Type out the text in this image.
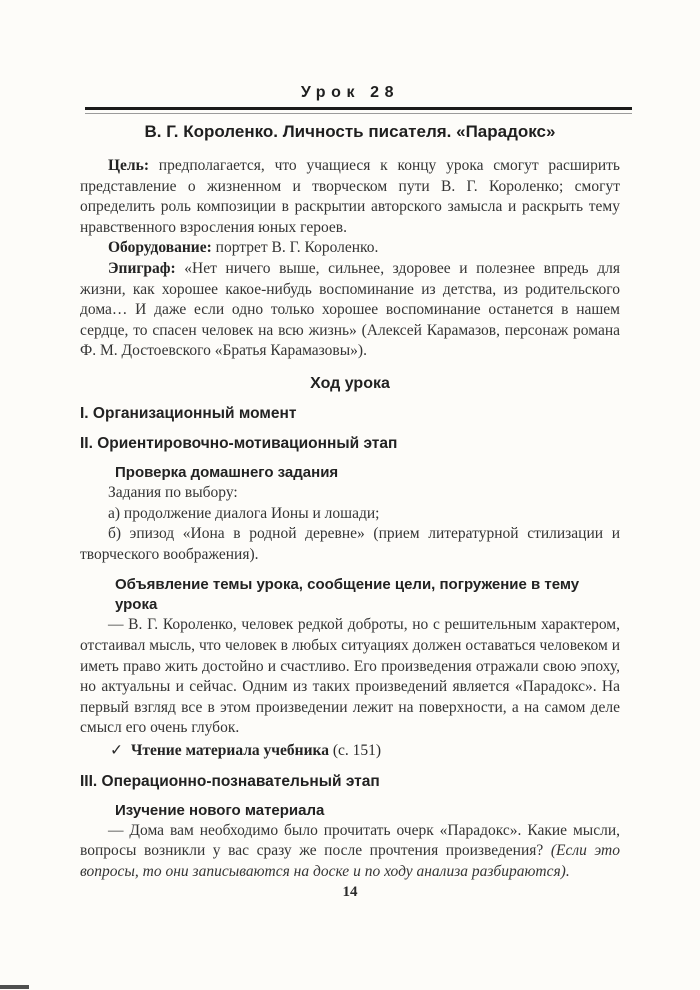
Урок 28
В. Г. Короленко. Личность писателя. «Парадокс»

Цель: предполагается, что учащиеся к концу урока смогут расширить представление о жизненном и творческом пути В. Г. Короленко; смогут определить роль композиции в раскрытии авторского замысла и раскрыть тему нравственного взросления юных героев.

Оборудование: портрет В. Г. Короленко.

Эпиграф: «Нет ничего выше, сильнее, здоровее и полезнее впредь для жизни, как хорошее какое-нибудь воспоминание из детства, из родительского дома… И даже если одно только хорошее воспоминание останется в нашем сердце, то спасен человек на всю жизнь» (Алексей Карамазов, персонаж романа Ф. М. Достоевского «Братья Карамазовы»).

Ход урока
I. Организационный момент
II. Ориентировочно-мотивационный этап
Проверка домашнего задания

Задания по выбору:

а) продолжение диалога Ионы и лошади;

б) эпизод «Иона в родной деревне» (прием литературной стилизации и творческого воображения).

Объявление темы урока, сообщение цели, погружение в тему урока

— В. Г. Короленко, человек редкой доброты, но с решительным характером, отстаивал мысль, что человек в любых ситуациях должен оставаться человеком и иметь право жить достойно и счастливо. Его произведения отражали свою эпоху, но актуальны и сейчас. Одним из таких произведений является «Парадокс». На первый взгляд все в этом произведении лежит на поверхности, а на самом деле смысл его очень глубок.

✓ Чтение материала учебника (с. 151)

III. Операционно-познавательный этап
Изучение нового материала

— Дома вам необходимо было прочитать очерк «Парадокс». Какие мысли, вопросы возникли у вас сразу же после прочтения произведения? (Если это вопросы, то они записываются на доске и по ходу анализа разбираются).

14
